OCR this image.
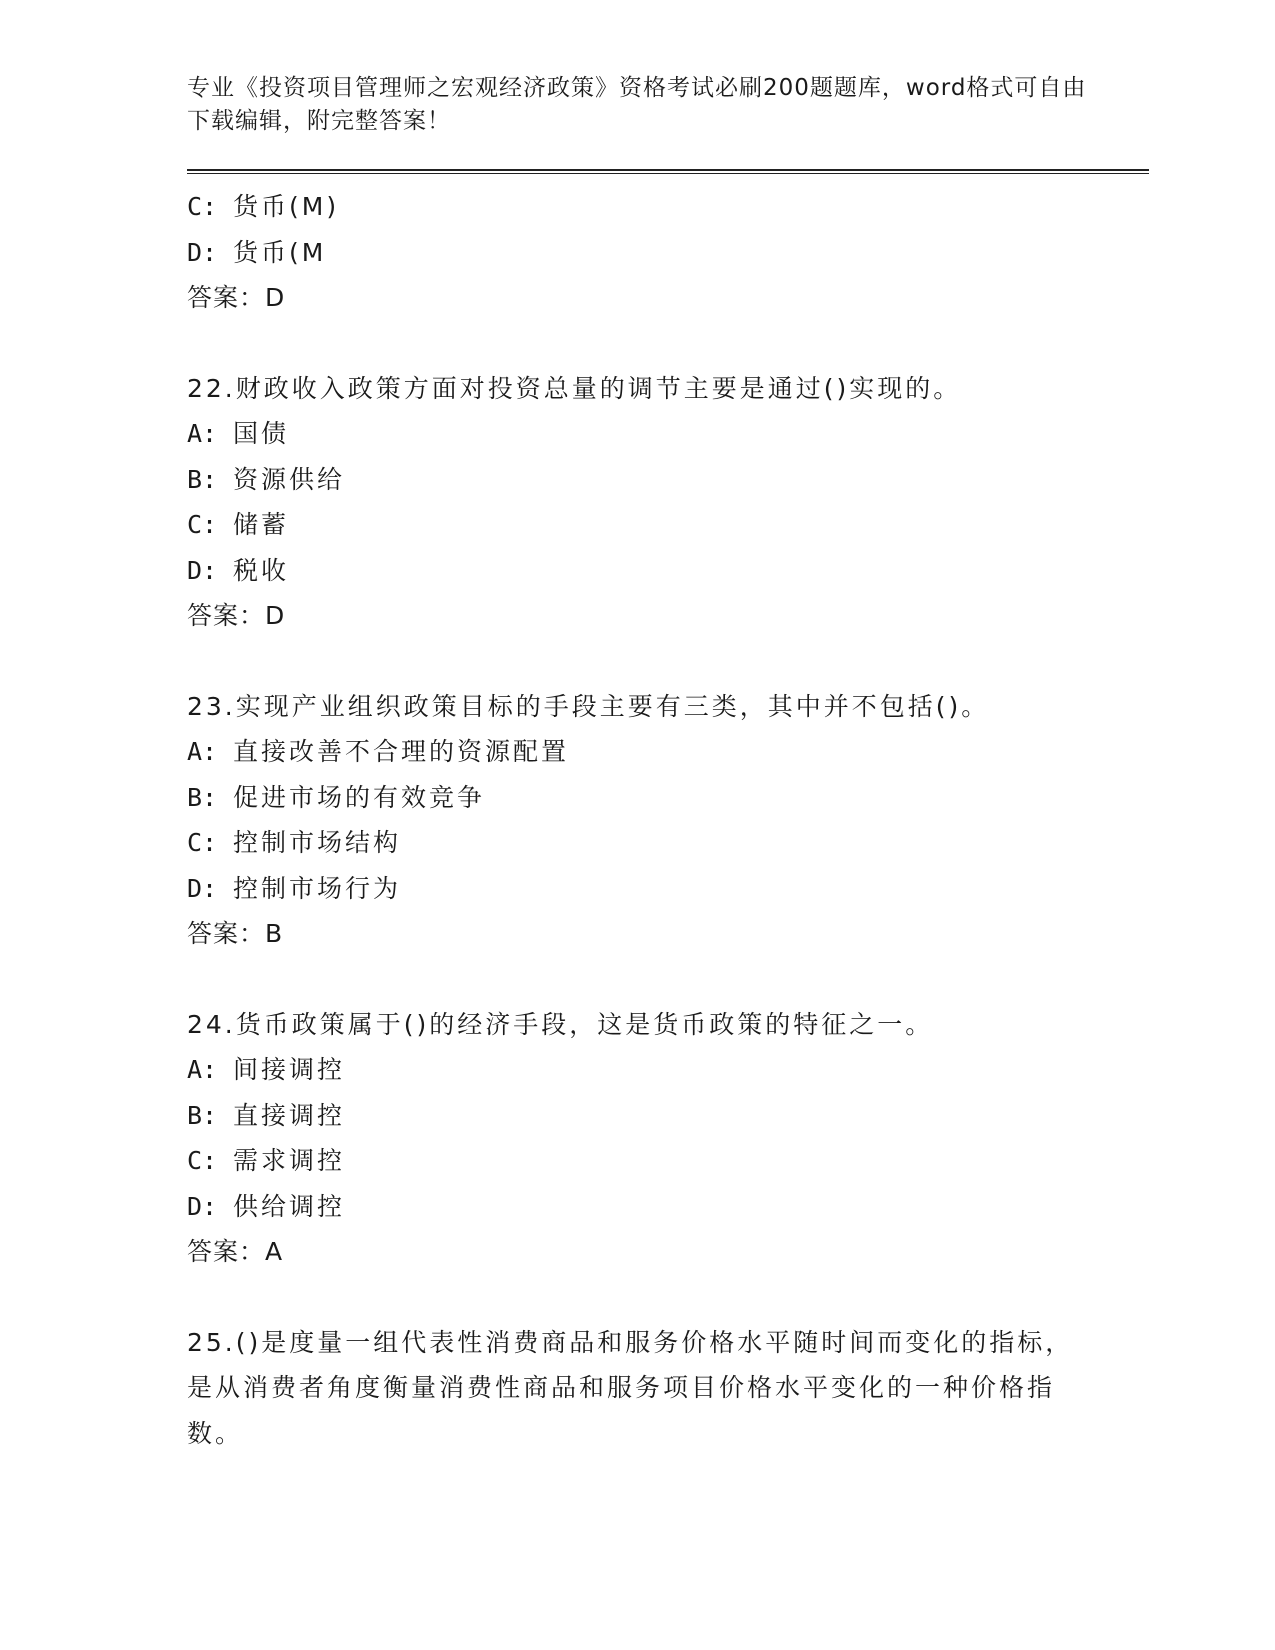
专业《投资项目管理师之宏观经济政策》资格考试必刷200题题库，word格式可自由下载编辑，附完整答案！

C: 货币(M)
D: 货币(M
答案：D
22.财政收入政策方面对投资总量的调节主要是通过()实现的。
A: 国债
B: 资源供给
C: 储蓄
D: 税收
答案：D
23.实现产业组织政策目标的手段主要有三类，其中并不包括()。
A: 直接改善不合理的资源配置
B: 促进市场的有效竞争
C: 控制市场结构
D: 控制市场行为
答案：B
24.货币政策属于()的经济手段，这是货币政策的特征之一。
A: 间接调控
B: 直接调控
C: 需求调控
D: 供给调控
答案：A
25.()是度量一组代表性消费商品和服务价格水平随时间而变化的指标，是从消费者角度衡量消费性商品和服务项目价格水平变化的一种价格指数。
